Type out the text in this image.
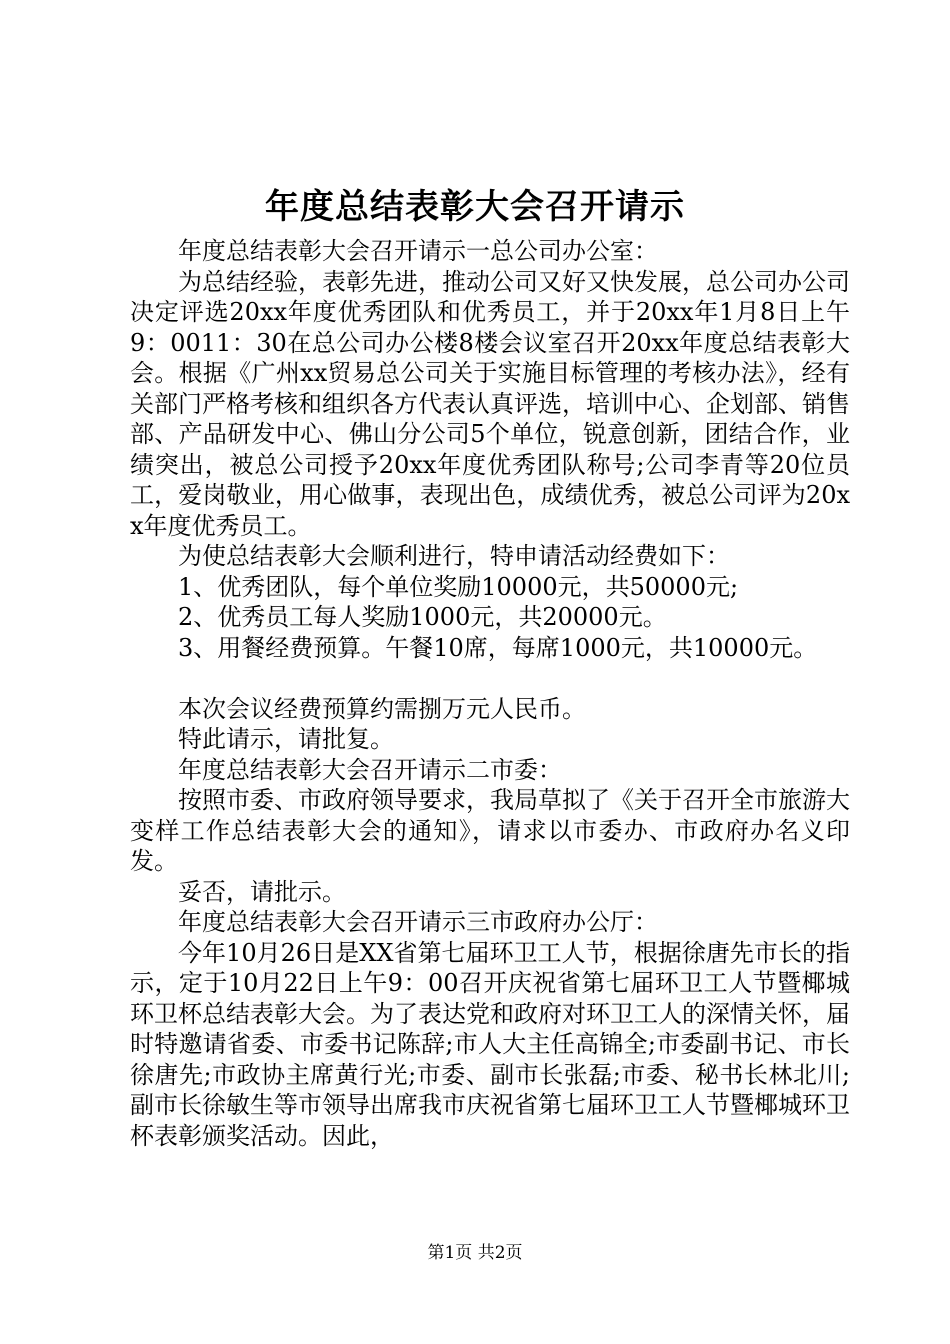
年度总结表彰大会召开请示

年度总结表彰大会召开请示一总公司办公室：

为总结经验，表彰先进，推动公司又好又快发展，总公司办公司决定评选20xx年度优秀团队和优秀员工，并于20xx年1月8日上午9：0011：30在总公司办公楼8楼会议室召开20xx年度总结表彰大会。根据《广州xx贸易总公司关于实施目标管理的考核办法》，经有关部门严格考核和组织各方代表认真评选，培训中心、企划部、销售部、产品研发中心、佛山分公司5个单位，锐意创新，团结合作，业绩突出，被总公司授予20xx年度优秀团队称号;公司李青等20位员工，爱岗敬业，用心做事，表现出色，成绩优秀，被总公司评为20xx年度优秀员工。

为使总结表彰大会顺利进行，特申请活动经费如下：

1、优秀团队，每个单位奖励10000元，共50000元;

2、优秀员工每人奖励1000元，共20000元。

3、用餐经费预算。午餐10席，每席1000元，共10000元。

本次会议经费预算约需捌万元人民币。

特此请示，请批复。

年度总结表彰大会召开请示二市委：

按照市委、市政府领导要求，我局草拟了《关于召开全市旅游大变样工作总结表彰大会的通知》，请求以市委办、市政府办名义印发。

妥否，请批示。

年度总结表彰大会召开请示三市政府办公厅：

今年10月26日是XX省第七届环卫工人节，根据徐唐先市长的指示，定于10月22日上午9：00召开庆祝省第七届环卫工人节暨椰城环卫杯总结表彰大会。为了表达党和政府对环卫工人的深情关怀，届时特邀请省委、市委书记陈辞;市人大主任高锦全;市委副书记、市长徐唐先;市政协主席黄行光;市委、副市长张磊;市委、秘书长林北川;副市长徐敏生等市领导出席我市庆祝省第七届环卫工人节暨椰城环卫杯表彰颁奖活动。因此，

第1页 共2页
